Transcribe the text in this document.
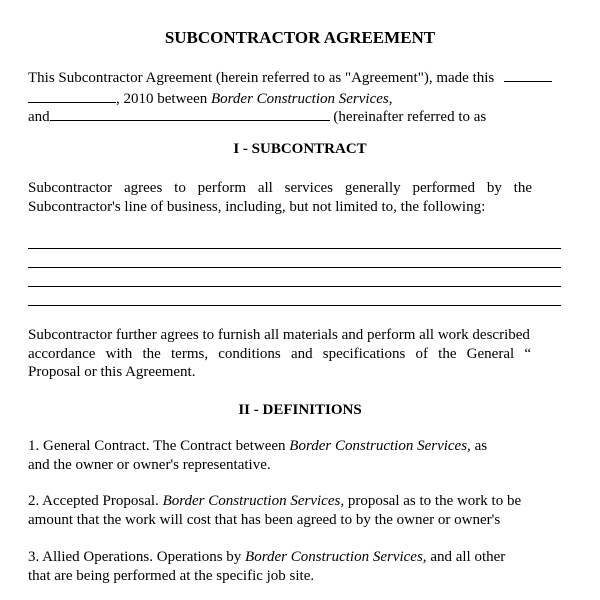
SUBCONTRACTOR AGREEMENT
This Subcontractor Agreement (herein referred to as "Agreement"), made this
, 2010 between Border Construction Services,
and	(hereinafter referred to as
I - SUBCONTRACT
Subcontractor agrees to perform all services generally performed by the
Subcontractor's line of business, including, but not limited to, the following:
Subcontractor further agrees to furnish all materials and perform all work described
accordance with the terms, conditions and specifications of the General “
Proposal or this Agreement.
II - DEFINITIONS
1. General Contract. The Contract between Border Construction Services, as
and the owner or owner's representative.
2. Accepted Proposal. Border Construction Services, proposal as to the work to be
amount that the work will cost that has been agreed to by the owner or owner's
3. Allied Operations. Operations by Border Construction Services, and all other
that are being performed at the specific job site.
